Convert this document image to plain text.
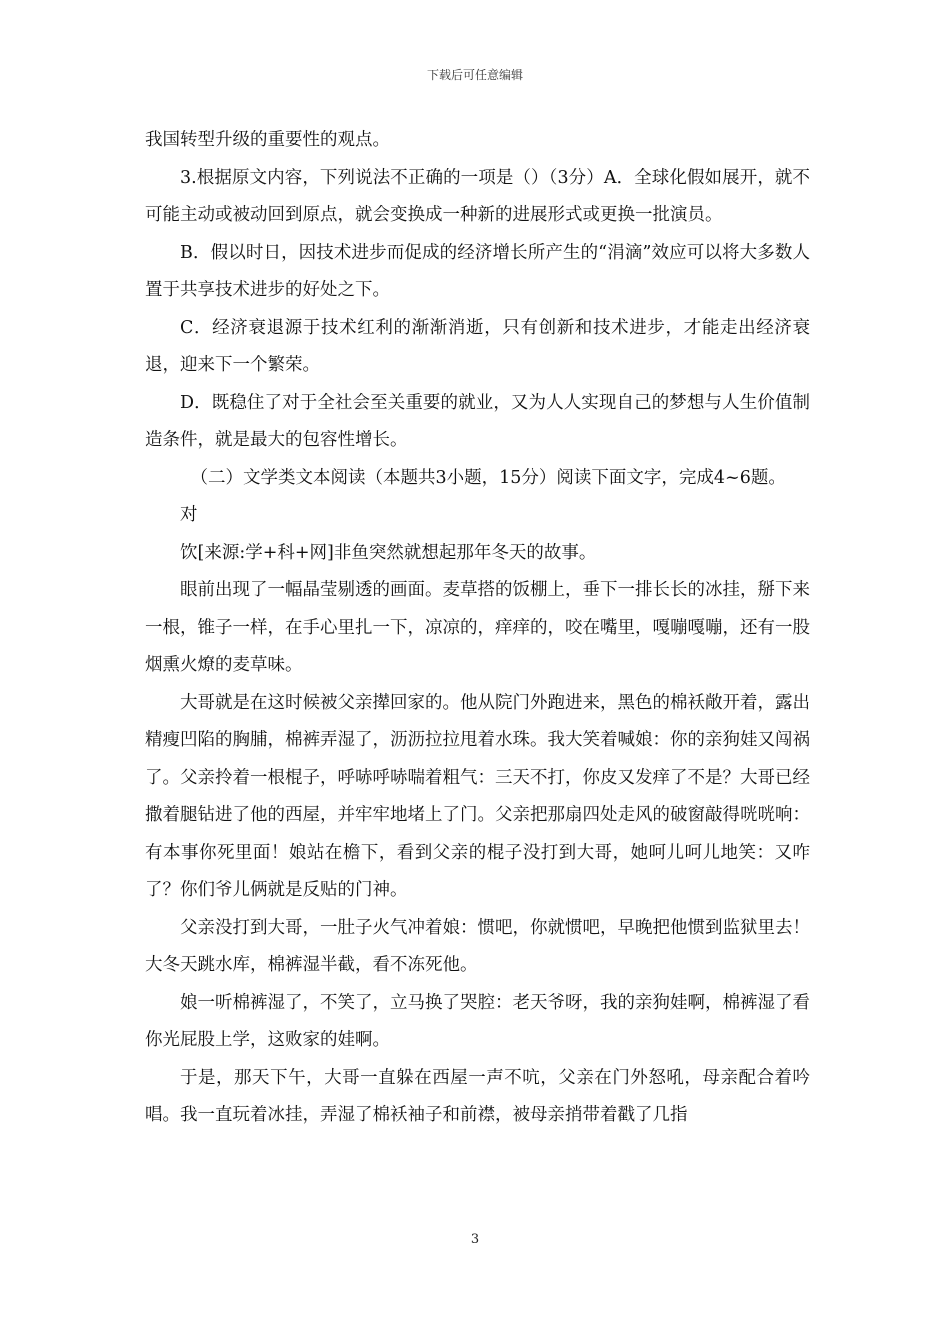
下载后可任意编辑

我国转型升级的重要性的观点。

3.根据原文内容，下列说法不正确的一项是（）（3分）A．全球化假如展开，就不可能主动或被动回到原点，就会变换成一种新的进展形式或更换一批演员。

B．假以时日，因技术进步而促成的经济增长所产生的“涓滴”效应可以将大多数人置于共享技术进步的好处之下。

C．经济衰退源于技术红利的渐渐消逝，只有创新和技术进步，才能走出经济衰退，迎来下一个繁荣。

D．既稳住了对于全社会至关重要的就业，又为人人实现自己的梦想与人生价值制造条件，就是最大的包容性增长。

（二）文学类文本阅读（本题共3小题，15分）阅读下面文字，完成4~6题。

对

饮[来源:学+科+网]非鱼突然就想起那年冬天的故事。

眼前出现了一幅晶莹剔透的画面。麦草搭的饭棚上，垂下一排长长的冰挂，掰下来一根，锥子一样，在手心里扎一下，凉凉的，痒痒的，咬在嘴里，嘎嘣嘎嘣，还有一股烟熏火燎的麦草味。

大哥就是在这时候被父亲撵回家的。他从院门外跑进来，黑色的棉袄敞开着，露出精瘦凹陷的胸脯，棉裤弄湿了，沥沥拉拉甩着水珠。我大笑着喊娘：你的亲狗娃又闯祸了。父亲拎着一根棍子，呼哧呼哧喘着粗气：三天不打，你皮又发痒了不是？大哥已经撒着腿钻进了他的西屋，并牢牢地堵上了门。父亲把那扇四处走风的破窗敲得咣咣响：有本事你死里面！娘站在檐下，看到父亲的棍子没打到大哥，她呵儿呵儿地笑：又咋了？你们爷儿俩就是反贴的门神。

父亲没打到大哥，一肚子火气冲着娘：惯吧，你就惯吧，早晚把他惯到监狱里去！大冬天跳水库，棉裤湿半截，看不冻死他。

娘一听棉裤湿了，不笑了，立马换了哭腔：老天爷呀，我的亲狗娃啊，棉裤湿了看你光屁股上学，这败家的娃啊。

于是，那天下午，大哥一直躲在西屋一声不吭，父亲在门外怒吼，母亲配合着吟唱。我一直玩着冰挂，弄湿了棉袄袖子和前襟，被母亲捎带着戳了几指

3
